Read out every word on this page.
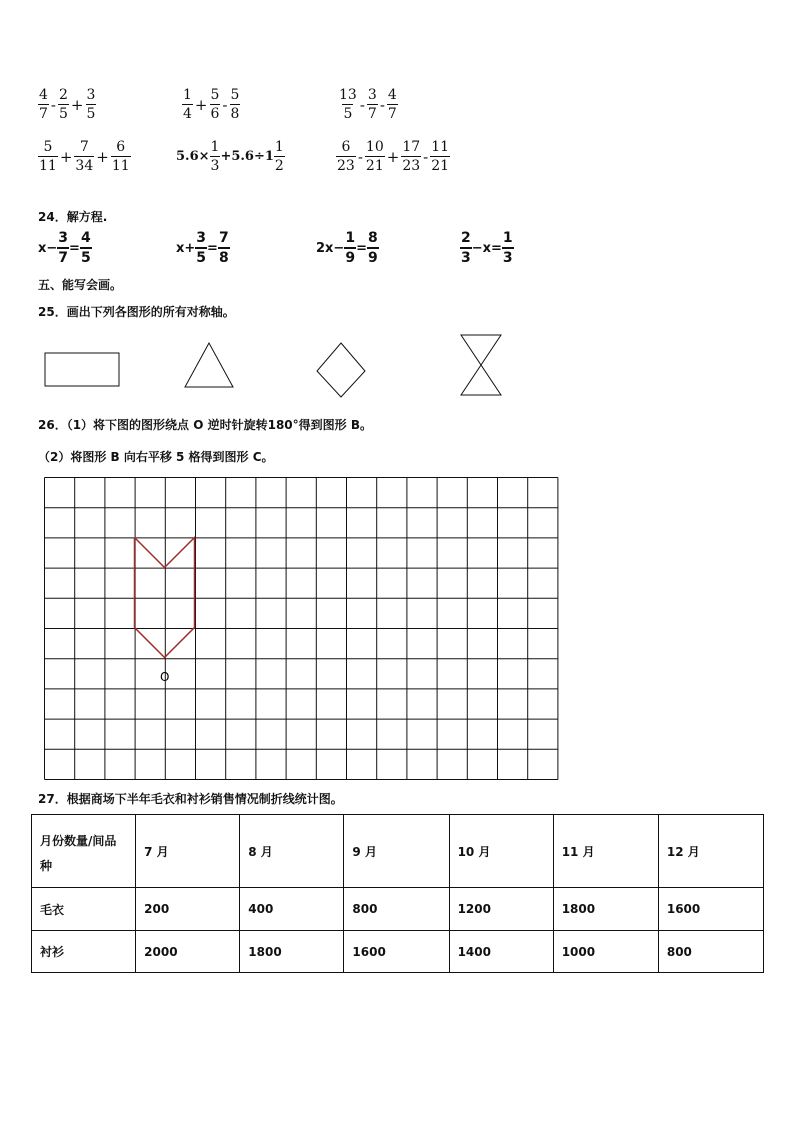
$\frac{4}{7} - \frac{2}{5} + \frac{3}{5}$	$\frac{1}{4} + \frac{5}{6} - \frac{5}{8}$	$\frac{13}{5} - \frac{3}{7} - \frac{4}{7}$
$\frac{5}{11} + \frac{7}{34} + \frac{6}{11}$	$5.6\times \frac{1}{3} +5.6\div 1 \frac{1}{2}$	$\frac{6}{23} - \frac{10}{21} + \frac{17}{23} - \frac{11}{21}$
24．解方程.
$x- \frac{3}{7} = \frac{4}{5}$	$x+ \frac{3}{5} = \frac{7}{8}$	$2x- \frac{1}{9} = \frac{8}{9}$	$\frac{2}{3} -x= \frac{1}{3}$
五、能写会画。
25．画出下列各图形的所有对称轴。
26．（1）将下图的图形绕点 O 逆时针旋转180°得到图形 B。
（2）将图形 B 向右平移 5 格得到图形 C。
O
27．根据商场下半年毛衣和衬衫销售情况制折线统计图。
月份数量/间品
种	7 月	8 月	9 月	10 月	11 月	12 月
毛衣	200	400	800	1200	1800	1600
衬衫	2000	1800	1600	1400	1000	800
